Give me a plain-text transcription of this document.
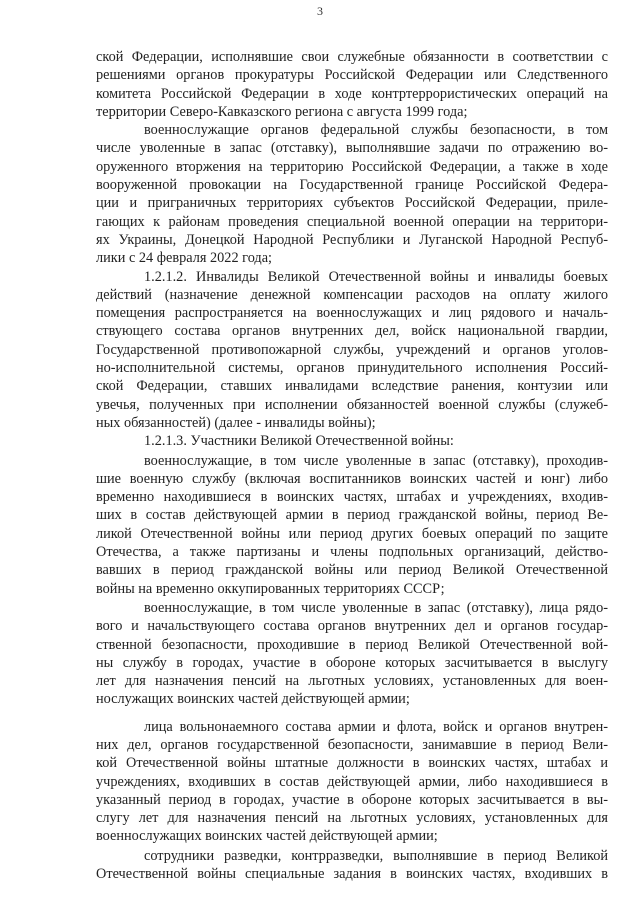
3
ской Федерации, исполнявшие свои служебные обязанности в соответствии с
решениями органов прокуратуры Российской Федерации или Следственного
комитета Российской Федерации в ходе контртеррористических операций на
территории Северо-Кавказского региона с августа 1999 года;
военнослужащие органов федеральной службы безопасности, в том
числе уволенные в запас (отставку), выполнявшие задачи по отражению во-
оруженного вторжения на территорию Российской Федерации, а также в ходе
вооруженной провокации на Государственной границе Российской Федера-
ции и приграничных территориях субъектов Российской Федерации, приле-
гающих к районам проведения специальной военной операции на территори-
ях Украины, Донецкой Народной Республики и Луганской Народной Респуб-
лики с 24 февраля 2022 года;
1.2.1.2. Инвалиды Великой Отечественной войны и инвалиды боевых
действий (назначение денежной компенсации расходов на оплату жилого
помещения распространяется на военнослужащих и лиц рядового и началь-
ствующего состава органов внутренних дел, войск национальной гвардии,
Государственной противопожарной службы, учреждений и органов уголов-
но-исполнительной системы, органов принудительного исполнения Россий-
ской Федерации, ставших инвалидами вследствие ранения, контузии или
увечья, полученных при исполнении обязанностей военной службы (служеб-
ных обязанностей) (далее - инвалиды войны);
1.2.1.3. Участники Великой Отечественной войны:
военнослужащие, в том числе уволенные в запас (отставку), проходив-
шие военную службу (включая воспитанников воинских частей и юнг) либо
временно находившиеся в воинских частях, штабах и учреждениях, входив-
ших в состав действующей армии в период гражданской войны, период Ве-
ликой Отечественной войны или период других боевых операций по защите
Отечества, а также партизаны и члены подпольных организаций, действо-
вавших в период гражданской войны или период Великой Отечественной
войны на временно оккупированных территориях СССР;
военнослужащие, в том числе уволенные в запас (отставку), лица рядо-
вого и начальствующего состава органов внутренних дел и органов государ-
ственной безопасности, проходившие в период Великой Отечественной вой-
ны службу в городах, участие в обороне которых засчитывается в выслугу
лет для назначения пенсий на льготных условиях, установленных для воен-
нослужащих воинских частей действующей армии;
лица вольнонаемного состава армии и флота, войск и органов внутрен-
них дел, органов государственной безопасности, занимавшие в период Вели-
кой Отечественной войны штатные должности в воинских частях, штабах и
учреждениях, входивших в состав действующей армии, либо находившиеся в
указанный период в городах, участие в обороне которых засчитывается в вы-
слугу лет для назначения пенсий на льготных условиях, установленных для
военнослужащих воинских частей действующей армии;
сотрудники разведки, контрразведки, выполнявшие в период Великой
Отечественной войны специальные задания в воинских частях, входивших в
